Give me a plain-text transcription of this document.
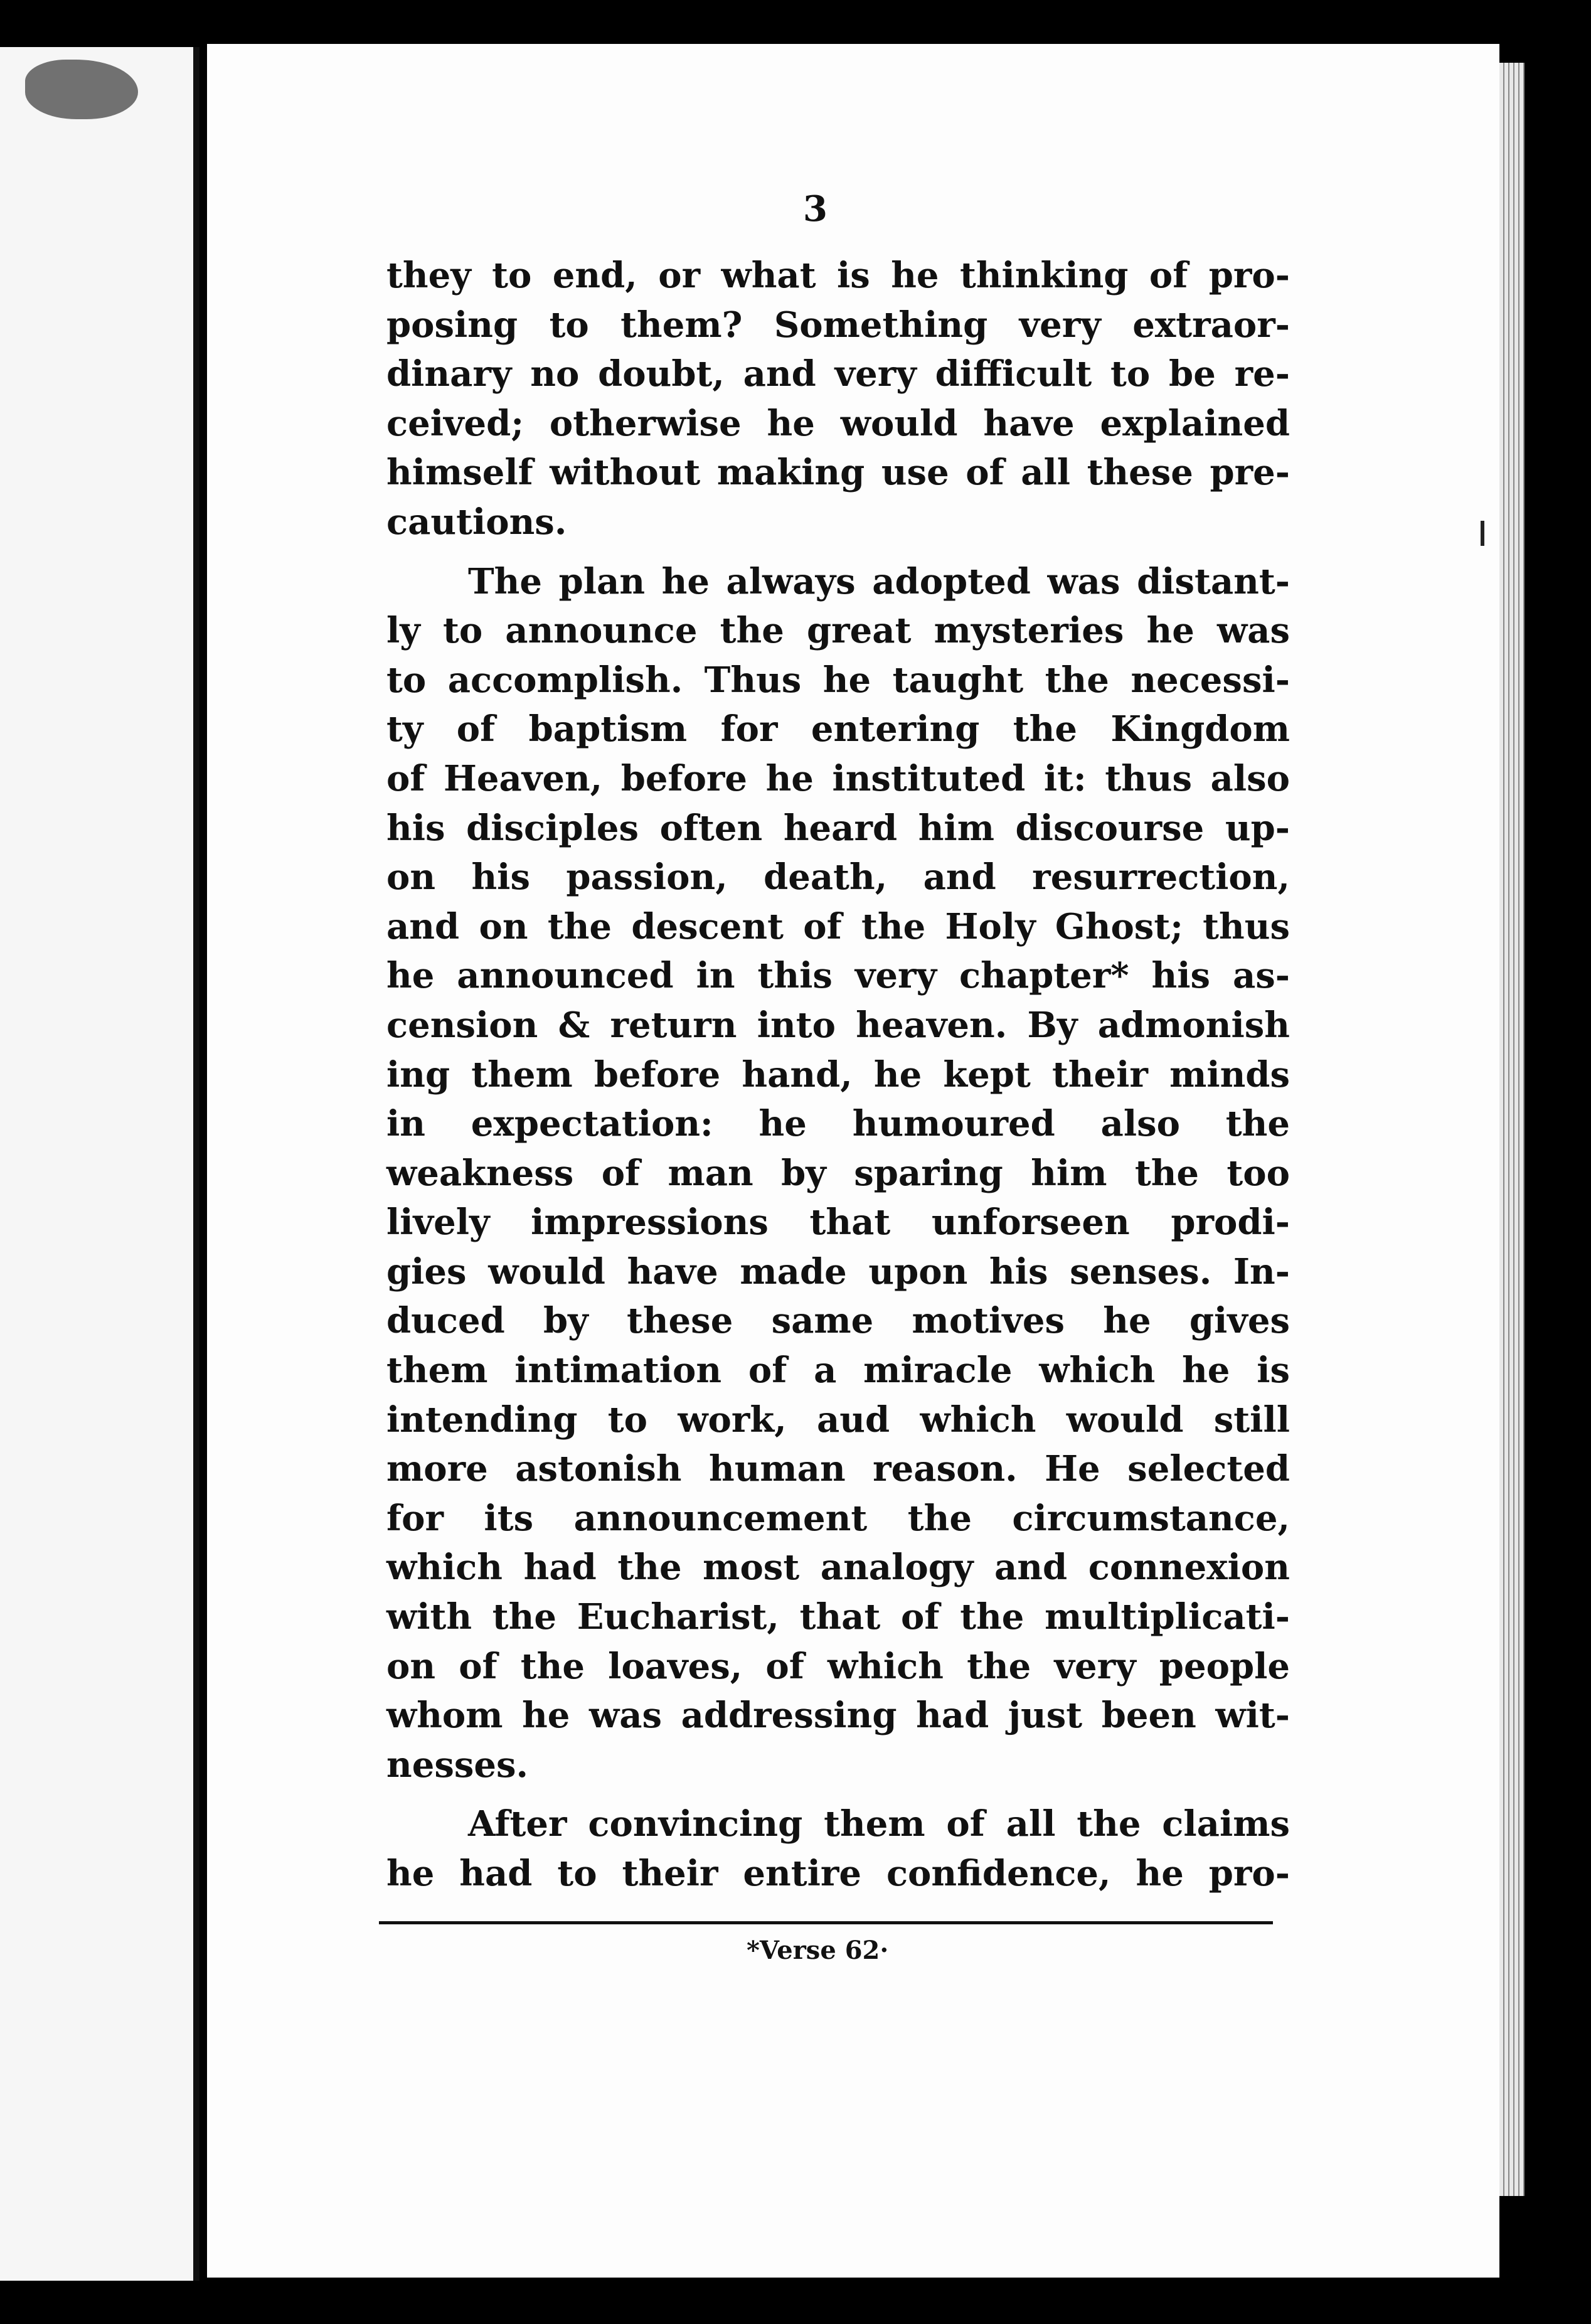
3

they to end, or what is he thinking of pro-
posing to them? Something very extraor-
dinary no doubt, and very difficult to be re-
ceived; otherwise he would have explained
himself without making use of all these pre-
cautions.
The plan he always adopted was distant-
ly to announce the great mysteries he was
to accomplish. Thus he taught the necessi-
ty of baptism for entering the Kingdom
of Heaven, before he instituted it: thus also
his disciples often heard him discourse up-
on his passion, death, and resurrection,
and on the descent of the Holy Ghost; thus
he announced in this very chapter* his as-
cension & return into heaven. By admonish
ing them before hand, he kept their minds
in expectation: he humoured also the
weakness of man by sparing him the too
lively impressions that unforseen prodi-
gies would have made upon his senses. In-
duced by these same motives he gives
them intimation of a miracle which he is
intending to work, aud which would still
more astonish human reason. He selected
for its announcement the circumstance,
which had the most analogy and connexion
with the Eucharist, that of the multiplicati-
on of the loaves, of which the very people
whom he was addressing had just been wit-
nesses.
After convincing them of all the claims
he had to their entire confidence, he pro-
*Verse 62·
